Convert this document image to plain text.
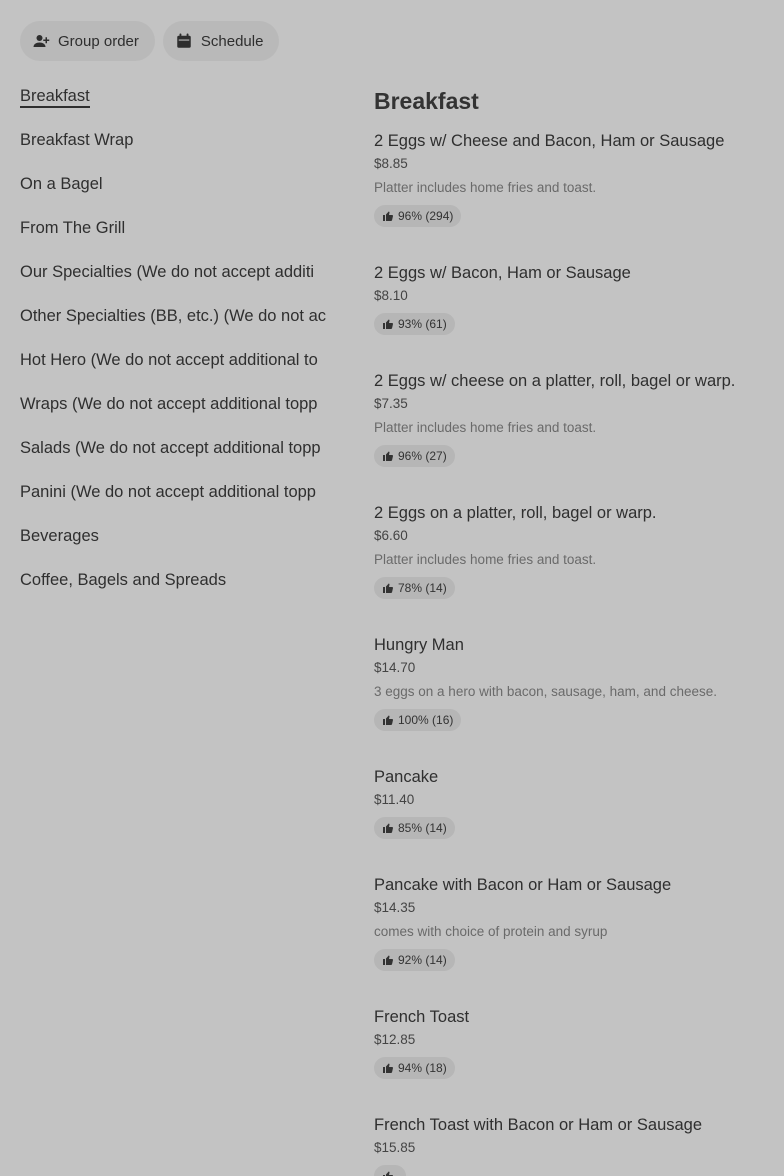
Group order	Schedule
Breakfast
Breakfast Wrap
On a Bagel
From The Grill
Our Specialties (We do not accept additi
Other Specialties (BB, etc.) (We do not ac
Hot Hero (We do not accept additional to
Wraps (We do not accept additional topp
Salads (We do not accept additional topp
Panini (We do not accept additional topp
Beverages
Coffee, Bagels and Spreads
Breakfast
2 Eggs w/ Cheese and Bacon, Ham or Sausage
$8.85
Platter includes home fries and toast.
96% (294)
2 Eggs w/ Bacon, Ham or Sausage
$8.10
93% (61)
2 Eggs w/ cheese on a platter, roll, bagel or warp.
$7.35
Platter includes home fries and toast.
96% (27)
2 Eggs on a platter, roll, bagel or warp.
$6.60
Platter includes home fries and toast.
78% (14)
Hungry Man
$14.70
3 eggs on a hero with bacon, sausage, ham, and cheese.
100% (16)
Pancake
$11.40
85% (14)
Pancake with Bacon or Ham or Sausage
$14.35
comes with choice of protein and syrup
92% (14)
French Toast
$12.85
94% (18)
French Toast with Bacon or Ham or Sausage
$15.85
